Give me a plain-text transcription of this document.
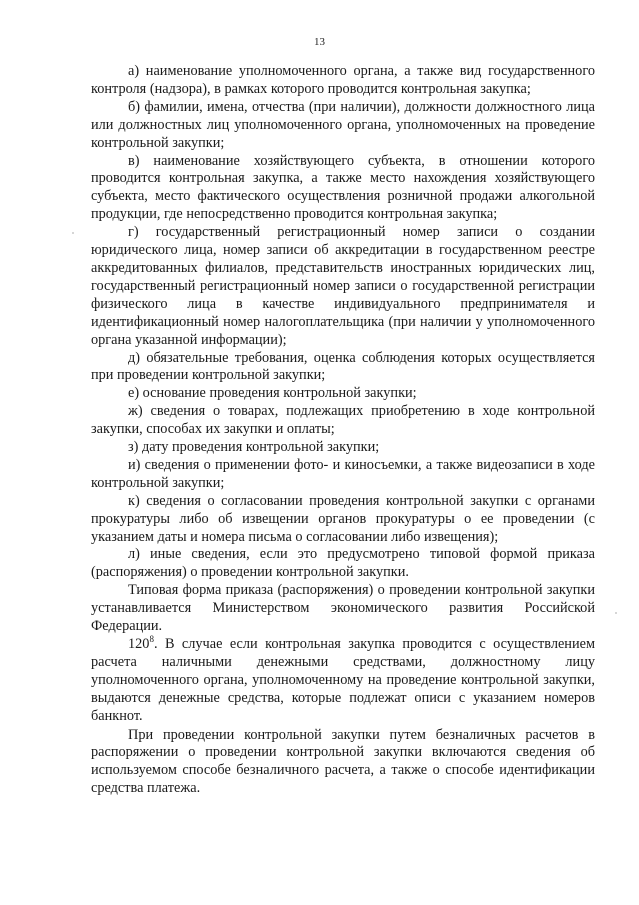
13

а) наименование уполномоченного органа, а также вид государственного контроля (надзора), в рамках которого проводится контрольная закупка;

б) фамилии, имена, отчества (при наличии), должности должностного лица или должностных лиц уполномоченного органа, уполномоченных на проведение контрольной закупки;

в) наименование хозяйствующего субъекта, в отношении которого проводится контрольная закупка, а также место нахождения хозяйствующего субъекта, место фактического осуществления розничной продажи алкогольной продукции, где непосредственно проводится контрольная закупка;

г) государственный регистрационный номер записи о создании юридического лица, номер записи об аккредитации в государственном реестре аккредитованных филиалов, представительств иностранных юридических лиц, государственный регистрационный номер записи о государственной регистрации физического лица в качестве индивидуального предпринимателя и идентификационный номер налогоплательщика (при наличии у уполномоченного органа указанной информации);

д) обязательные требования, оценка соблюдения которых осуществляется при проведении контрольной закупки;

е) основание проведения контрольной закупки;

ж) сведения о товарах, подлежащих приобретению в ходе контрольной закупки, способах их закупки и оплаты;

з) дату проведения контрольной закупки;

и) сведения о применении фото- и киносъемки, а также видеозаписи в ходе контрольной закупки;

к) сведения о согласовании проведения контрольной закупки с органами прокуратуры либо об извещении органов прокуратуры о ее проведении (с указанием даты и номера письма о согласовании либо извещения);

л) иные сведения, если это предусмотрено типовой формой приказа (распоряжения) о проведении контрольной закупки.

Типовая форма приказа (распоряжения) о проведении контрольной закупки устанавливается Министерством экономического развития Российской Федерации.

$120^8$. В случае если контрольная закупка проводится с осуществлением расчета наличными денежными средствами, должностному лицу уполномоченного органа, уполномоченному на проведение контрольной закупки, выдаются денежные средства, которые подлежат описи с указанием номеров банкнот.

При проведении контрольной закупки путем безналичных расчетов в распоряжении о проведении контрольной закупки включаются сведения об используемом способе безналичного расчета, а также о способе идентификации средства платежа.
